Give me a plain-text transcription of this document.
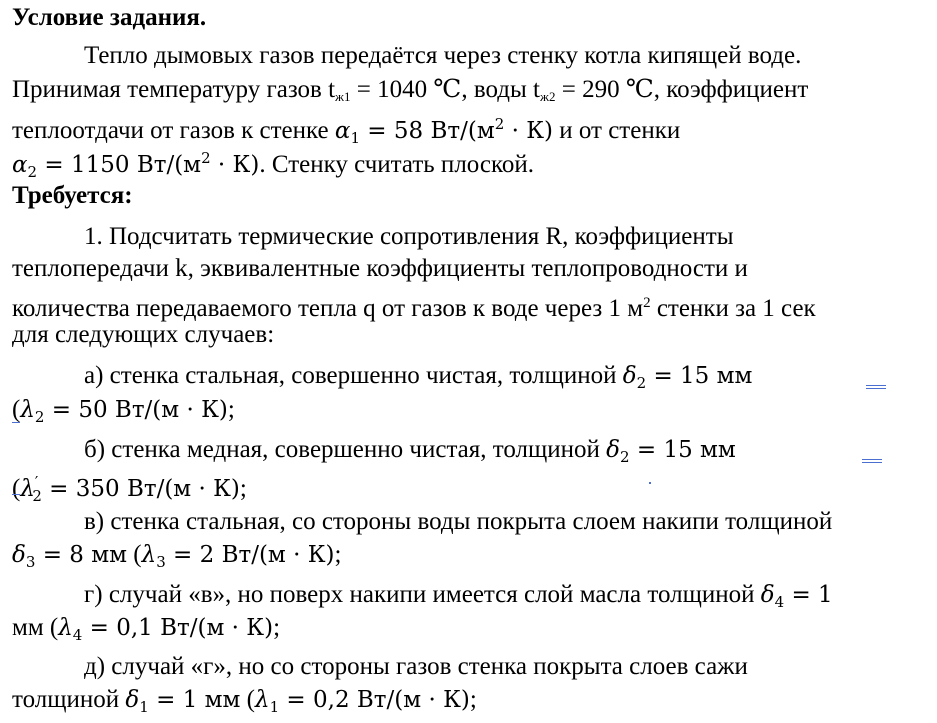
Условие задания.
Тепло дымовых газов передаётся через стенку котла кипящей воде.
Принимая температуру газов tж1 = 1040 ℃, воды tж2 = 290 ℃, коэффициент
теплоотдачи от газов к стенке $\alpha_1 = 58$ $Вт/(м^2 \cdot К)$ и от стенки
$\alpha_2 = 1150$ $Вт/(м^2 \cdot К)$. Стенку считать плоской.
Требуется:
1. Подсчитать термические сопротивления R, коэффициенты
теплопередачи k, эквивалентные коэффициенты теплопроводности и
количества передаваемого тепла q от газов к воде через 1 $м^2$ стенки за 1 сек
для следующих случаев:
а) стенка стальная, совершенно чистая, толщиной $\delta_2 = 15$ мм
($\lambda_2 = 50$ Вт/(м · К);
б) стенка медная, совершенно чистая, толщиной $\delta_2 = 15$ мм
($\lambda'_2 = 350$ Вт/(м · К);
в) стенка стальная, со стороны воды покрыта слоем накипи толщиной
$\delta_3 = 8$ мм ($\lambda_3 = 2$ Вт/(м · К);
г) случай «в», но поверх накипи имеется слой масла толщиной $\delta_4 = 1$
мм ($\lambda_4 = 0,1$ Вт/(м · К);
д) случай «г», но со стороны газов стенка покрыта слоев сажи
толщиной $\delta_1 = 1$ мм ($\lambda_1 = 0,2$ Вт/(м · К);
